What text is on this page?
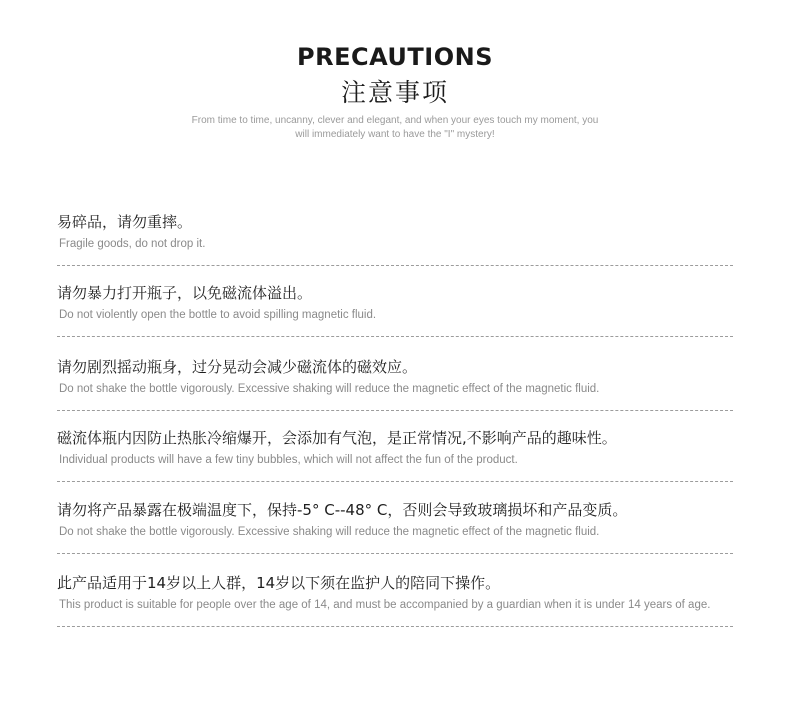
PRECAUTIONS
注意事项
From time to time, uncanny, clever and elegant, and when your eyes touch my moment, you
will immediately want to have the "I" mystery!
易碎品，请勿重摔。
Fragile goods, do not drop it.
请勿暴力打开瓶子，以免磁流体溢出。
Do not violently open the bottle to avoid spilling magnetic fluid.
请勿剧烈摇动瓶身，过分晃动会减少磁流体的磁效应。
Do not shake the bottle vigorously. Excessive shaking will reduce the magnetic effect of the magnetic fluid.
磁流体瓶内因防止热胀冷缩爆开，会添加有气泡，是正常情况,不影响产品的趣味性。
Individual products will have a few tiny bubbles, which will not affect the fun of the product.
请勿将产品暴露在极端温度下，保持-5° C--48° C，否则会导致玻璃损坏和产品变质。
Do not shake the bottle vigorously. Excessive shaking will reduce the magnetic effect of the magnetic fluid.
此产品适用于14岁以上人群，14岁以下须在监护人的陪同下操作。
This product is suitable for people over the age of 14, and must be accompanied by a guardian when it is under 14 years of age.
